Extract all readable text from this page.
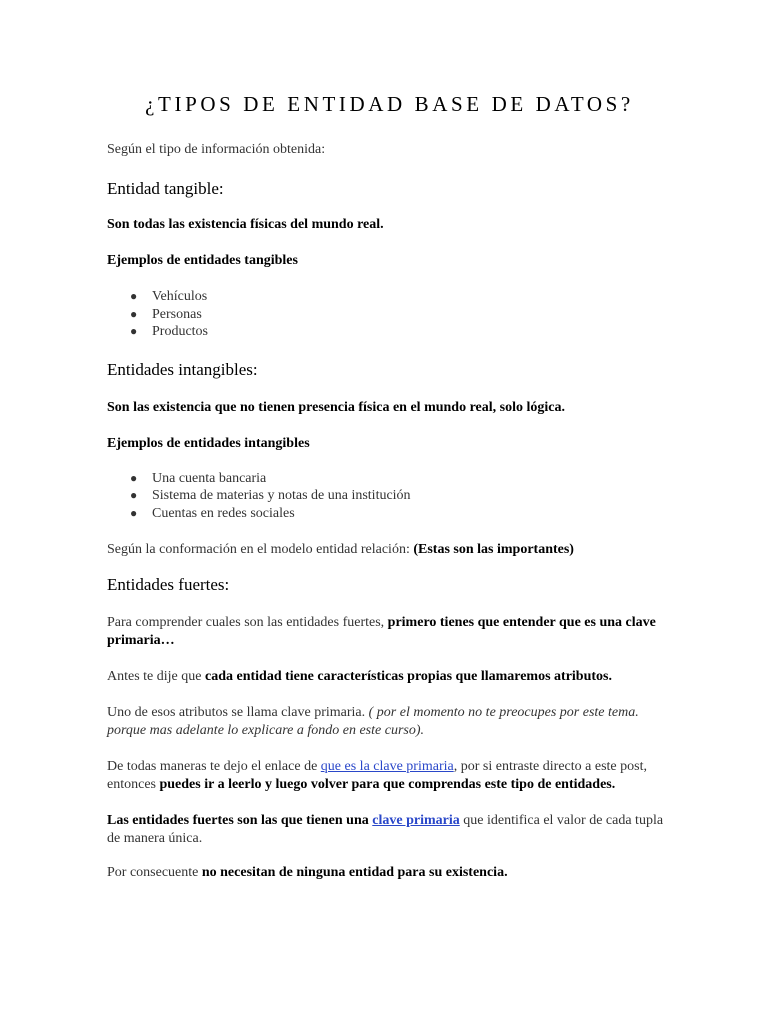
¿TIPOS DE ENTIDAD BASE DE DATOS?

Según el tipo de información obtenida:

Entidad tangible:

Son todas las existencia físicas del mundo real.

Ejemplos de entidades tangibles

● Vehículos
● Personas
● Productos
Entidades intangibles:

Son las existencia que no tienen presencia física en el mundo real, solo lógica.

Ejemplos de entidades intangibles

● Una cuenta bancaria
● Sistema de materias y notas de una institución
● Cuentas en redes sociales

Según la conformación en el modelo entidad relación: (Estas son las importantes)

Entidades fuertes:

Para comprender cuales son las entidades fuertes, primero tienes que entender que es una clave primaria…

Antes te dije que cada entidad tiene características propias que llamaremos atributos.

Uno de esos atributos se llama clave primaria. ( por el momento no te preocupes por este tema. porque mas adelante lo explicare a fondo en este curso).

De todas maneras te dejo el enlace de que es la clave primaria, por si entraste directo a este post, entonces puedes ir a leerlo y luego volver para que comprendas este tipo de entidades.

Las entidades fuertes son las que tienen una clave primaria que identifica el valor de cada tupla de manera única.

Por consecuente no necesitan de ninguna entidad para su existencia.
